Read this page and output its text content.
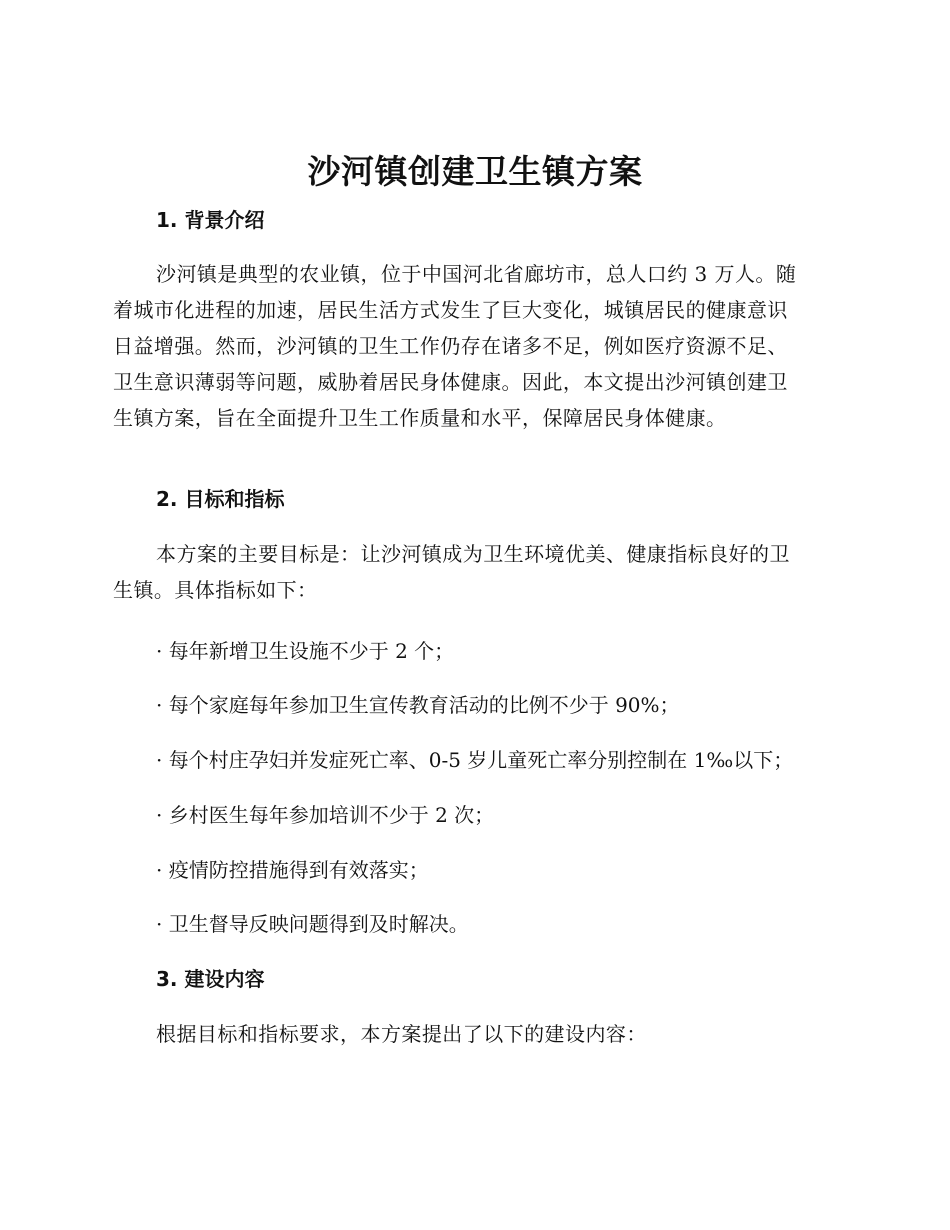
沙河镇创建卫生镇方案
1. 背景介绍
沙河镇是典型的农业镇，位于中国河北省廊坊市，总人口约 3 万人。随
着城市化进程的加速，居民生活方式发生了巨大变化，城镇居民的健康意识
日益增强。然而，沙河镇的卫生工作仍存在诸多不足，例如医疗资源不足、
卫生意识薄弱等问题，威胁着居民身体健康。因此，本文提出沙河镇创建卫
生镇方案，旨在全面提升卫生工作质量和水平，保障居民身体健康。
2. 目标和指标
本方案的主要目标是：让沙河镇成为卫生环境优美、健康指标良好的卫
生镇。具体指标如下：
· 每年新增卫生设施不少于 2 个；
· 每个家庭每年参加卫生宣传教育活动的比例不少于 90%；
· 每个村庄孕妇并发症死亡率、0-5 岁儿童死亡率分别控制在 1‰以下；
· 乡村医生每年参加培训不少于 2 次；
· 疫情防控措施得到有效落实；
· 卫生督导反映问题得到及时解决。
3. 建设内容
根据目标和指标要求，本方案提出了以下的建设内容：
